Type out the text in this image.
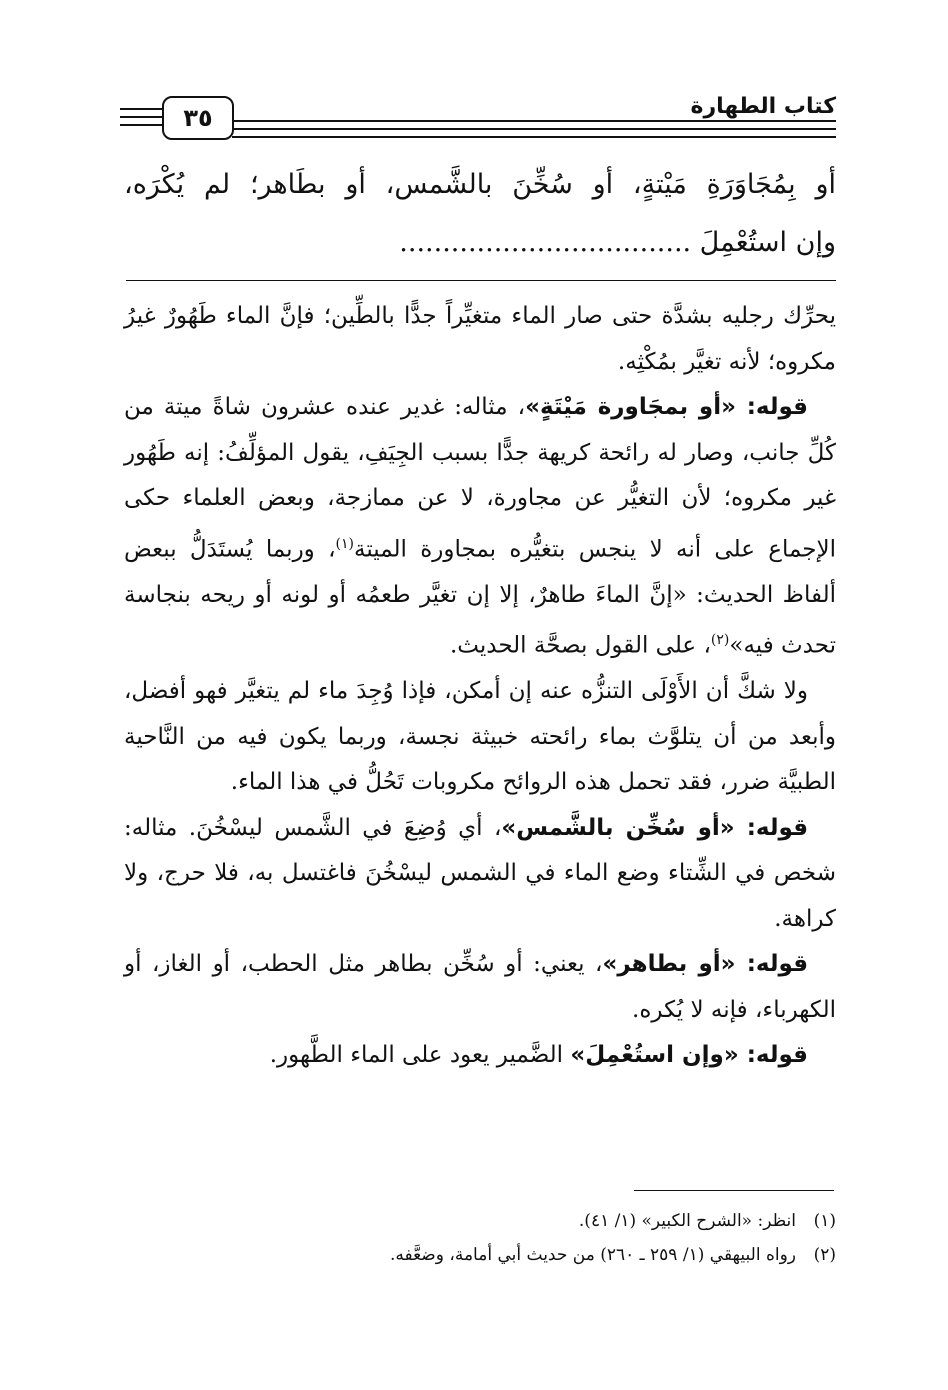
٣٥	كتاب الطهارة
أو بِمُجَاوَرَةِ مَيْتةٍ، أو سُخِّنَ بالشَّمس، أو بطَاهر؛ لم يُكْرَه،
وإن استُعْمِلَ ..................................

يحرِّك رجليه بشدَّة حتى صار الماء متغيِّراً جدًّا بالطِّين؛ فإنَّ الماء طَهُورٌ غيرُ مكروه؛ لأنه تغيَّر بمُكْثِه.

قوله: «أو بمجَاورة مَيْتَةٍ»، مثاله: غدير عنده عشرون شاةً ميتة من كُلِّ جانب، وصار له رائحة كريهة جدًّا بسبب الجِيَفِ، يقول المؤلِّفُ: إنه طَهُور غير مكروه؛ لأن التغيُّر عن مجاورة، لا عن ممازجة، وبعض العلماء حكى الإجماع على أنه لا ينجس بتغيُّره بمجاورة الميتة$^{(١)}$، وربما يُستَدَلُّ ببعض ألفاظ الحديث: «إنَّ الماءَ طاهرٌ، إلا إن تغيَّر طعمُه أو لونه أو ريحه بنجاسة تحدث فيه»$^{(٢)}$، على القول بصحَّة الحديث.

ولا شكَّ أن الأَوْلَى التنزُّه عنه إن أمكن، فإذا وُجِدَ ماء لم يتغيَّر فهو أفضل، وأبعد من أن يتلوَّث بماء رائحته خبيثة نجسة، وربما يكون فيه من النَّاحية الطبيَّة ضرر، فقد تحمل هذه الروائح مكروبات تَحُلُّ في هذا الماء.

قوله: «أو سُخِّن بالشَّمس»، أي وُضِعَ في الشَّمس ليسْخُنَ. مثاله: شخص في الشِّتاء وضع الماء في الشمس ليسْخُنَ فاغتسل به، فلا حرج، ولا كراهة.

قوله: «أو بطاهر»، يعني: أو سُخِّن بطاهر مثل الحطب، أو الغاز، أو الكهرباء، فإنه لا يُكره.

قوله: «وإن استُعْمِلَ» الضَّمير يعود على الماء الطَّهور.

(١)
انظر: «الشرح الكبير» (١/ ٤١).
(٢)
رواه البيهقي (١/ ٢٥٩ ـ ٢٦٠) من حديث أبي أمامة، وضعَّفه.
